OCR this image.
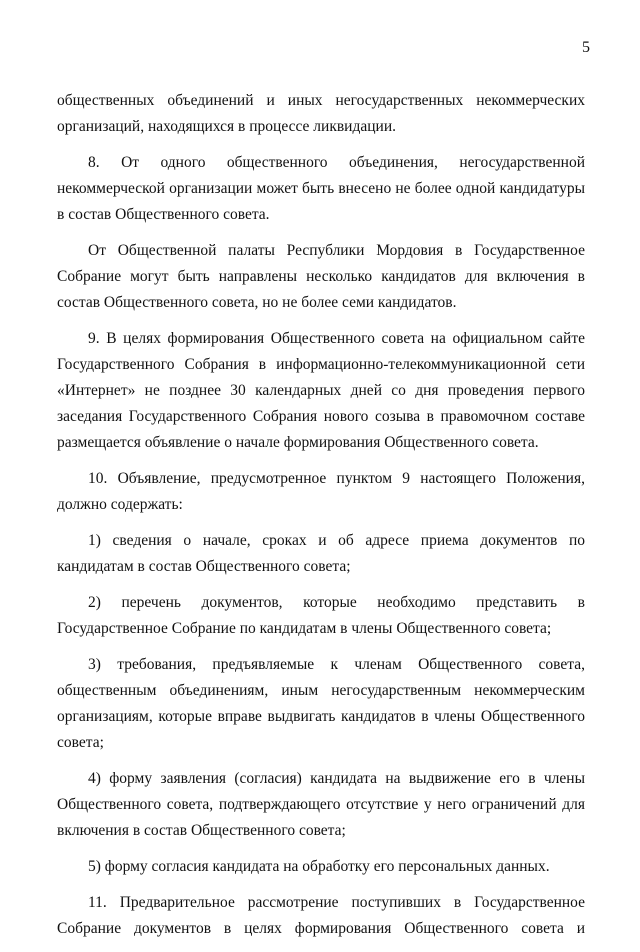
5

общественных объединений и иных негосударственных некоммерческих организаций, находящихся в процессе ликвидации.

8. От одного общественного объединения, негосударственной некоммерческой организации может быть внесено не более одной кандидатуры в состав Общественного совета.

От Общественной палаты Республики Мордовия в Государственное Собрание могут быть направлены несколько кандидатов для включения в состав Общественного совета, но не более семи кандидатов.

9. В целях формирования Общественного совета на официальном сайте Государственного Собрания в информационно-телекоммуникационной сети «Интернет» не позднее 30 календарных дней со дня проведения первого заседания Государственного Собрания нового созыва в правомочном составе размещается объявление о начале формирования Общественного совета.

10. Объявление, предусмотренное пунктом 9 настоящего Положения, должно содержать:

1) сведения о начале, сроках и об адресе приема документов по кандидатам в состав Общественного совета;

2) перечень документов, которые необходимо представить в Государственное Собрание по кандидатам в члены Общественного совета;

3) требования, предъявляемые к членам Общественного совета, общественным объединениям, иным негосударственным некоммерческим организациям, которые вправе выдвигать кандидатов в члены Общественного совета;

4) форму заявления (согласия) кандидата на выдвижение его в члены Общественного совета, подтверждающего отсутствие у него ограничений для включения в состав Общественного совета;

5) форму согласия кандидата на обработку его персональных данных.

11. Предварительное рассмотрение поступивших в Государственное Собрание документов в целях формирования Общественного совета и
